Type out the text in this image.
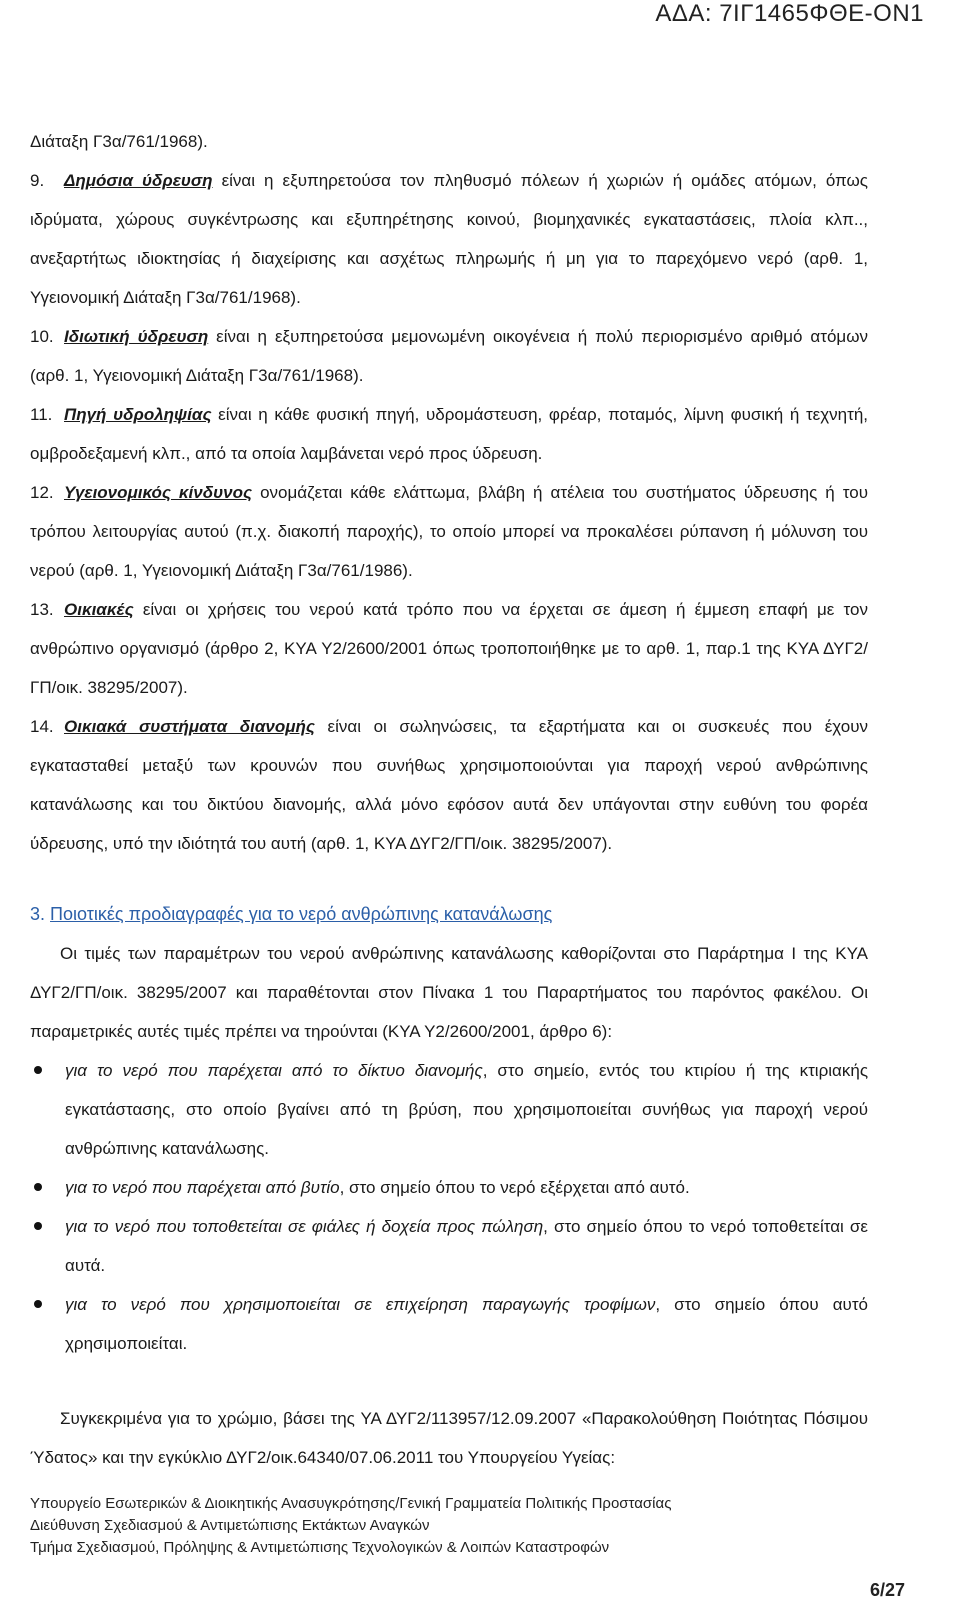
ΑΔΑ: 7ΙΓ1465ΦΘΕ-ΟΝ1

Διάταξη Γ3α/761/1968).

9. Δημόσια ύδρευση είναι η εξυπηρετούσα τον πληθυσμό πόλεων ή χωριών ή ομάδες ατόμων, όπως ιδρύματα, χώρους συγκέντρωσης και εξυπηρέτησης κοινού, βιομηχανικές εγκαταστάσεις, πλοία κλπ.., ανεξαρτήτως ιδιοκτησίας ή διαχείρισης και ασχέτως πληρωμής ή μη για το παρεχόμενο νερό (αρθ. 1, Υγειονομική Διάταξη Γ3α/761/1968).

10. Ιδιωτική ύδρευση είναι η εξυπηρετούσα μεμονωμένη οικογένεια ή πολύ περιορισμένο αριθμό ατόμων (αρθ. 1, Υγειονομική Διάταξη Γ3α/761/1968).

11. Πηγή υδροληψίας είναι η κάθε φυσική πηγή, υδρομάστευση, φρέαρ, ποταμός, λίμνη φυσική ή τεχνητή, ομβροδεξαμενή κλπ., από τα οποία λαμβάνεται νερό προς ύδρευση.

12. Υγειονομικός κίνδυνος ονομάζεται κάθε ελάττωμα, βλάβη ή ατέλεια του συστήματος ύδρευσης ή του τρόπου λειτουργίας αυτού (π.χ. διακοπή παροχής), το οποίο μπορεί να προκαλέσει ρύπανση ή μόλυνση του νερού (αρθ. 1, Υγειονομική Διάταξη Γ3α/761/1986).

13. Οικιακές είναι οι χρήσεις του νερού κατά τρόπο που να έρχεται σε άμεση ή έμμεση επαφή με τον ανθρώπινο οργανισμό (άρθρο 2, ΚΥΑ Υ2/2600/2001 όπως τροποποιήθηκε με το αρθ. 1, παρ.1 της ΚΥΑ ΔΥΓ2/ΓΠ/οικ. 38295/2007).

14. Οικιακά συστήματα διανομής είναι οι σωληνώσεις, τα εξαρτήματα και οι συσκευές που έχουν εγκατασταθεί μεταξύ των κρουνών που συνήθως χρησιμοποιούνται για παροχή νερού ανθρώπινης κατανάλωσης και του δικτύου διανομής, αλλά μόνο εφόσον αυτά δεν υπάγονται στην ευθύνη του φορέα ύδρευσης, υπό την ιδιότητά του αυτή (αρθ. 1, ΚΥΑ ΔΥΓ2/ΓΠ/οικ. 38295/2007).

3. Ποιοτικές προδιαγραφές για το νερό ανθρώπινης κατανάλωσης

Οι τιμές των παραμέτρων του νερού ανθρώπινης κατανάλωσης καθορίζονται στο Παράρτημα Ι της ΚΥΑ ΔΥΓ2/ΓΠ/οικ. 38295/2007 και παραθέτονται στον Πίνακα 1 του Παραρτήματος του παρόντος φακέλου. Οι παραμετρικές αυτές τιμές πρέπει να τηρούνται (ΚΥΑ Υ2/2600/2001, άρθρο 6):

για το νερό που παρέχεται από το δίκτυο διανομής, στο σημείο, εντός του κτιρίου ή της κτιριακής εγκατάστασης, στο οποίο βγαίνει από τη βρύση, που χρησιμοποιείται συνήθως για παροχή νερού ανθρώπινης κατανάλωσης.
για το νερό που παρέχεται από βυτίο, στο σημείο όπου το νερό εξέρχεται από αυτό.
για το νερό που τοποθετείται σε φιάλες ή δοχεία προς πώληση, στο σημείο όπου το νερό τοποθετείται σε αυτά.
για το νερό που χρησιμοποιείται σε επιχείρηση παραγωγής τροφίμων, στο σημείο όπου αυτό χρησιμοποιείται.

Συγκεκριμένα για το χρώμιο, βάσει της ΥΑ ΔΥΓ2/113957/12.09.2007 «Παρακολούθηση Ποιότητας Πόσιμου Ύδατος» και την εγκύκλιο ΔΥΓ2/οικ.64340/07.06.2011 του Υπουργείου Υγείας:

Υπουργείο Εσωτερικών & Διοικητικής Ανασυγκρότησης/Γενική Γραμματεία Πολιτικής Προστασίας
Διεύθυνση Σχεδιασμού & Αντιμετώπισης Εκτάκτων Αναγκών
Τμήμα Σχεδιασμού, Πρόληψης & Αντιμετώπισης Τεχνολογικών & Λοιπών Καταστροφών
6/27
